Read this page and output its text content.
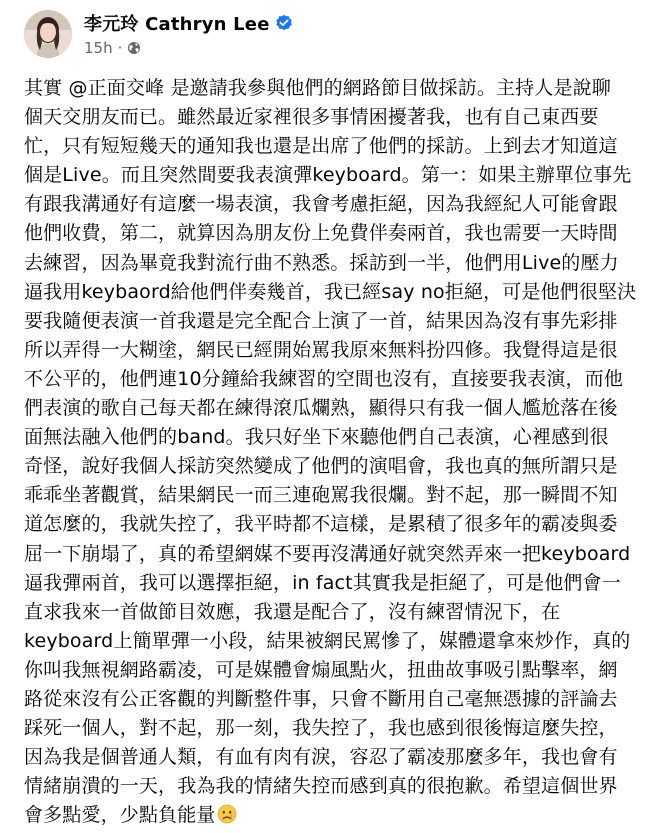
李元玲 Cathryn Lee
15h ·
其實 @正面交峰 是邀請我參與他們的網路節目做採訪。主持人是說聊
個天交朋友而已。雖然最近家裡很多事情困擾著我，也有自己東西要
忙，只有短短幾天的通知我也還是出席了他們的採訪。上到去才知道這
個是Live。而且突然間要我表演彈keyboard。第一：如果主辦單位事先
有跟我溝通好有這麼一場表演，我會考慮拒絕，因為我經紀人可能會跟
他們收費，第二，就算因為朋友份上免費伴奏兩首，我也需要一天時間
去練習，因為畢竟我對流行曲不熟悉。採訪到一半，他們用Live的壓力
逼我用keybaord給他們伴奏幾首，我已經say no拒絕，可是他們很堅決
要我隨便表演一首我還是完全配合上演了一首，結果因為沒有事先彩排
所以弄得一大糊塗，網民已經開始罵我原來無料扮四修。我覺得這是很
不公平的，他們連10分鐘給我練習的空間也沒有，直接要我表演，而他
們表演的歌自己每天都在練得滾瓜爛熟，顯得只有我一個人尷尬落在後
面無法融入他們的band。我只好坐下來聽他們自己表演，心裡感到很
奇怪，說好我個人採訪突然變成了他們的演唱會，我也真的無所謂只是
乖乖坐著觀賞，結果網民一而三連砲罵我很爛。對不起，那一瞬間不知
道怎麼的，我就失控了，我平時都不這樣，是累積了很多年的霸凌與委
屈一下崩塌了，真的希望網媒不要再沒溝通好就突然弄來一把keyboard
逼我彈兩首，我可以選擇拒絕，in fact其實我是拒絕了，可是他們會一
直求我來一首做節目效應，我還是配合了，沒有練習情況下，在
keyboard上簡單彈一小段，結果被網民罵慘了，媒體還拿來炒作，真的
你叫我無視網路霸凌，可是媒體會煽風點火，扭曲故事吸引點擊率，網
路從來沒有公正客觀的判斷整件事，只會不斷用自己毫無憑據的評論去
踩死一個人，對不起，那一刻，我失控了，我也感到很後悔這麼失控，
因為我是個普通人類，有血有肉有淚，容忍了霸凌那麼多年，我也會有
情緒崩潰的一天，我為我的情緒失控而感到真的很抱歉。希望這個世界
會多點愛，少點負能量
